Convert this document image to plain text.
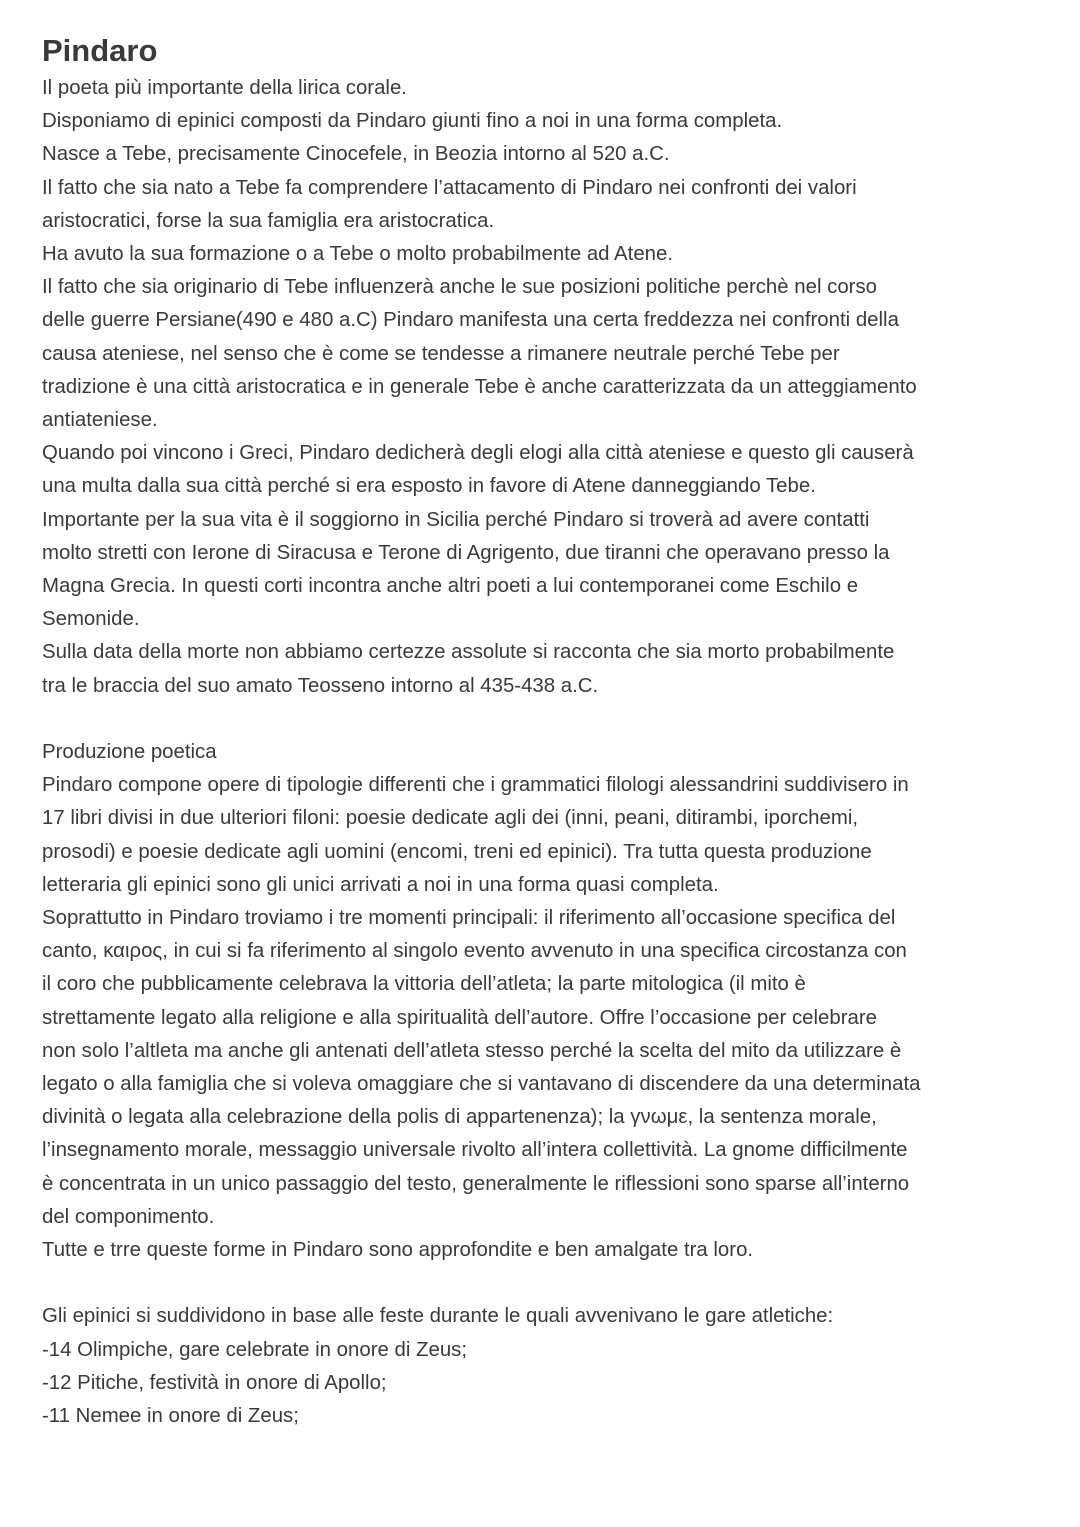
Pindaro
Il poeta più importante della lirica corale.
Disponiamo di epinici composti da Pindaro giunti fino a noi in una forma completa.
Nasce a Tebe, precisamente Cinocefele, in Beozia intorno al 520 a.C.
Il fatto che sia nato a Tebe fa comprendere l’attacamento di Pindaro nei confronti dei valori
aristocratici, forse la sua famiglia era aristocratica.
Ha avuto la sua formazione o a Tebe o molto probabilmente ad Atene.
Il fatto che sia originario di Tebe influenzerà anche le sue posizioni politiche perchè nel corso
delle guerre Persiane(490 e 480 a.C) Pindaro manifesta una certa freddezza nei confronti della
causa ateniese, nel senso che è come se tendesse a rimanere neutrale perché Tebe per
tradizione è una città aristocratica e in generale Tebe è anche caratterizzata da un atteggiamento
antiateniese.
Quando poi vincono i Greci, Pindaro dedicherà degli elogi alla città ateniese e questo gli causerà
una multa dalla sua città perché si era esposto in favore di Atene danneggiando Tebe.
Importante per la sua vita è il soggiorno in Sicilia perché Pindaro si troverà ad avere contatti
molto stretti con Ierone di Siracusa e Terone di Agrigento, due tiranni che operavano presso la
Magna Grecia. In questi corti incontra anche altri poeti a lui contemporanei come Eschilo e
Semonide.
Sulla data della morte non abbiamo certezze assolute si racconta che sia morto probabilmente
tra le braccia del suo amato Teosseno intorno al 435-438 a.C.
Produzione poetica
Pindaro compone opere di tipologie differenti che i grammatici filologi alessandrini suddivisero in
17 libri divisi in due ulteriori filoni: poesie dedicate agli dei (inni, peani, ditirambi, iporchemi,
prosodi) e poesie dedicate agli uomini (encomi, treni ed epinici). Tra tutta questa produzione
letteraria gli epinici sono gli unici arrivati a noi in una forma quasi completa.
Soprattutto in Pindaro troviamo i tre momenti principali: il riferimento all’occasione specifica del
canto, καιρος, in cui si fa riferimento al singolo evento avvenuto in una specifica circostanza con
il coro che pubblicamente celebrava la vittoria dell’atleta; la parte mitologica (il mito è
strettamente legato alla religione e alla spiritualità dell’autore. Offre l’occasione per celebrare
non solo l’altleta ma anche gli antenati dell’atleta stesso perché la scelta del mito da utilizzare è
legato o alla famiglia che si voleva omaggiare che si vantavano di discendere da una determinata
divinità o legata alla celebrazione della polis di appartenenza); la γνωμε, la sentenza morale,
l’insegnamento morale, messaggio universale rivolto all’intera collettività. La gnome difficilmente
è concentrata in un unico passaggio del testo, generalmente le riflessioni sono sparse all’interno
del componimento.
Tutte e trre queste forme in Pindaro sono approfondite e ben amalgate tra loro.
Gli epinici si suddividono in base alle feste durante le quali avvenivano le gare atletiche:
-14 Olimpiche, gare celebrate in onore di Zeus;
-12 Pitiche, festività in onore di Apollo;
-11 Nemee in onore di Zeus;
